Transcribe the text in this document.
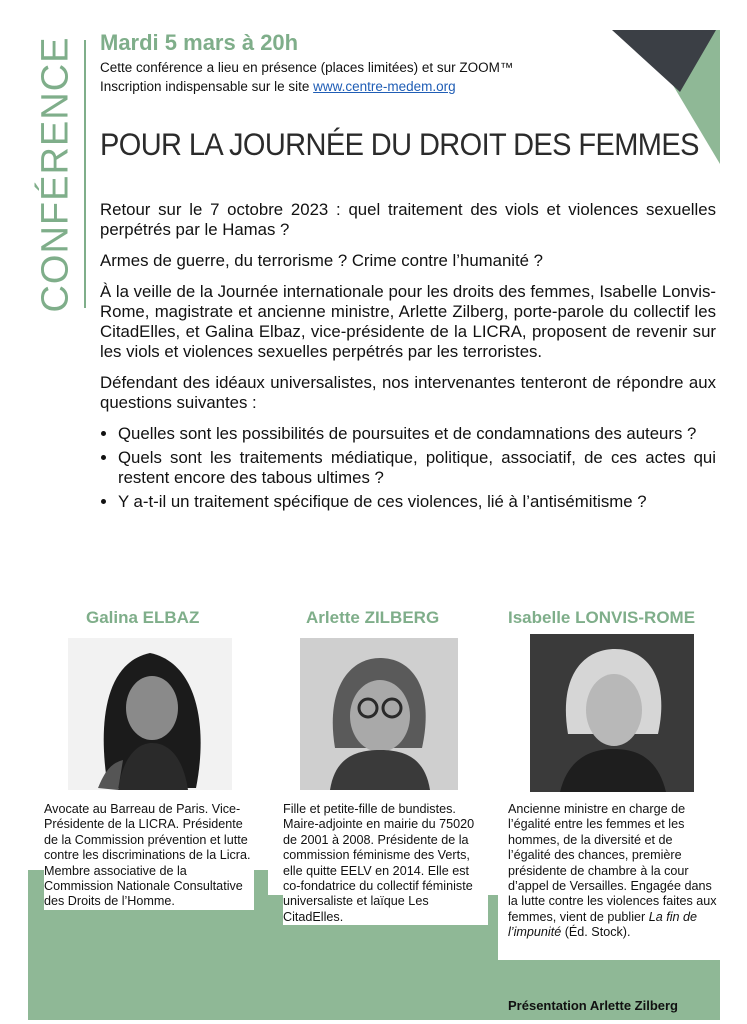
CONFÉRENCE Mardi 5 mars à 20h
Cette conférence a lieu en présence (places limitées) et sur ZOOM™
Inscription indispensable sur le site www.centre-medem.org
POUR LA JOURNÉE DU DROIT DES FEMMES

Retour sur le 7 octobre 2023 : quel traitement des viols et violences sexuelles perpétrés par le Hamas ?

Armes de guerre, du terrorisme ? Crime contre l’humanité ?

À la veille de la Journée internationale pour les droits des femmes, Isabelle Lonvis-Rome, magistrate et ancienne ministre, Arlette Zilberg, porte-parole du collectif les CitadElles, et Galina Elbaz, vice-présidente de la LICRA, proposent de revenir sur les viols et violences sexuelles perpétrés par les terroristes.

Défendant des idéaux universalistes, nos intervenantes tenteront de répondre aux questions suivantes :

• Quelles sont les possibilités de poursuites et de condamnations des auteurs ?
• Quels sont les traitements médiatique, politique, associatif, de ces actes qui restent encore des tabous ultimes ?
• Y a-t-il un traitement spécifique de ces violences, lié à l’antisémitisme ?
Galina ELBAZ
Avocate au Barreau de Paris. Vice-Présidente de la LICRA. Présidente de la Commission prévention et lutte contre les discriminations de la Licra. Membre associative de la Commission Nationale Consultative des Droits de l’Homme.
Arlette ZILBERG
Fille et petite-fille de bundistes. Maire-adjointe en mairie du 75020 de 2001 à 2008. Présidente de la commission féminisme des Verts, elle quitte EELV en 2014. Elle est co-fondatrice du collectif féministe universaliste et laïque Les CitadElles.
Isabelle LONVIS-ROME
Ancienne ministre en charge de l’égalité entre les femmes et les hommes, de la diversité et de l’égalité des chances, première présidente de chambre à la cour d’appel de Versailles. Engagée dans la lutte contre les violences faites aux femmes, vient de publier La fin de l’impunité (Éd. Stock).
Présentation Arlette Zilberg
